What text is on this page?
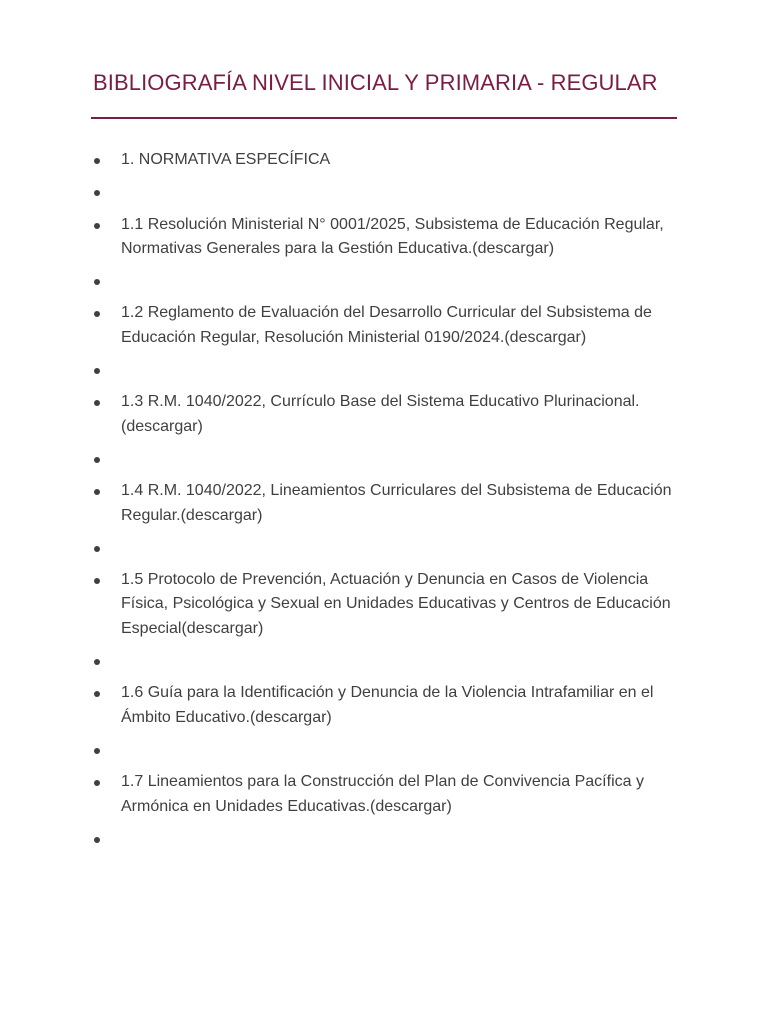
BIBLIOGRAFÍA NIVEL INICIAL Y PRIMARIA - REGULAR
1. NORMATIVA ESPECÍFICA
1.1 Resolución Ministerial N° 0001/2025, Subsistema de Educación Regular, Normativas Generales para la Gestión Educativa.(descargar)
1.2 Reglamento de Evaluación del Desarrollo Curricular del Subsistema de Educación Regular, Resolución Ministerial 0190/2024.(descargar)
1.3 R.M. 1040/2022, Currículo Base del Sistema Educativo Plurinacional.(descargar)
1.4 R.M. 1040/2022, Lineamientos Curriculares del Subsistema de Educación Regular.(descargar)
1.5 Protocolo de Prevención, Actuación y Denuncia en Casos de Violencia Física, Psicológica y Sexual en Unidades Educativas y Centros de Educación Especial(descargar)
1.6 Guía para la Identificación y Denuncia de la Violencia Intrafamiliar en el Ámbito Educativo.(descargar)
1.7 Lineamientos para la Construcción del Plan de Convivencia Pacífica y Armónica en Unidades Educativas.(descargar)
